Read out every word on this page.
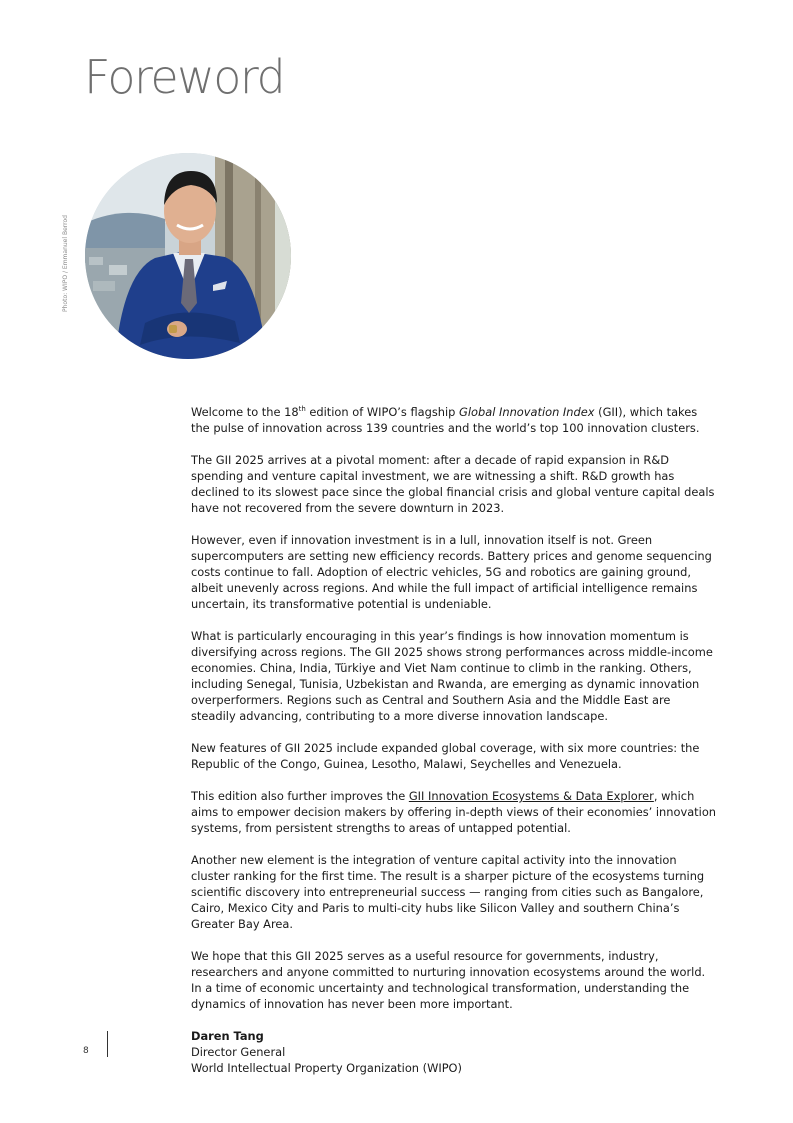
Foreword
Photo: WIPO / Emmanuel Berrod

Welcome to the 18th edition of WIPO’s flagship Global Innovation Index (GII), which takes the pulse of innovation across 139 countries and the world’s top 100 innovation clusters.

The GII 2025 arrives at a pivotal moment: after a decade of rapid expansion in R&D spending and venture capital investment, we are witnessing a shift. R&D growth has declined to its slowest pace since the global financial crisis and global venture capital deals have not recovered from the severe downturn in 2023.

However, even if innovation investment is in a lull, innovation itself is not. Green supercomputers are setting new efficiency records. Battery prices and genome sequencing costs continue to fall. Adoption of electric vehicles, 5G and robotics are gaining ground, albeit unevenly across regions. And while the full impact of artificial intelligence remains uncertain, its transformative potential is undeniable.

What is particularly encouraging in this year’s findings is how innovation momentum is diversifying across regions. The GII 2025 shows strong performances across middle-income economies. China, India, Türkiye and Viet Nam continue to climb in the ranking. Others, including Senegal, Tunisia, Uzbekistan and Rwanda, are emerging as dynamic innovation overperformers. Regions such as Central and Southern Asia and the Middle East are steadily advancing, contributing to a more diverse innovation landscape.

New features of GII 2025 include expanded global coverage, with six more countries: the Republic of the Congo, Guinea, Lesotho, Malawi, Seychelles and Venezuela.

This edition also further improves the GII Innovation Ecosystems & Data Explorer, which aims to empower decision makers by offering in-depth views of their economies’ innovation systems, from persistent strengths to areas of untapped potential.

Another new element is the integration of venture capital activity into the innovation cluster ranking for the first time. The result is a sharper picture of the ecosystems turning scientific discovery into entrepreneurial success — ranging from cities such as Bangalore, Cairo, Mexico City and Paris to multi-city hubs like Silicon Valley and southern China’s Greater Bay Area.

We hope that this GII 2025 serves as a useful resource for governments, industry, researchers and anyone committed to nurturing innovation ecosystems around the world. In a time of economic uncertainty and technological transformation, understanding the dynamics of innovation has never been more important.

Daren Tang

Director General

World Intellectual Property Organization (WIPO)

8
